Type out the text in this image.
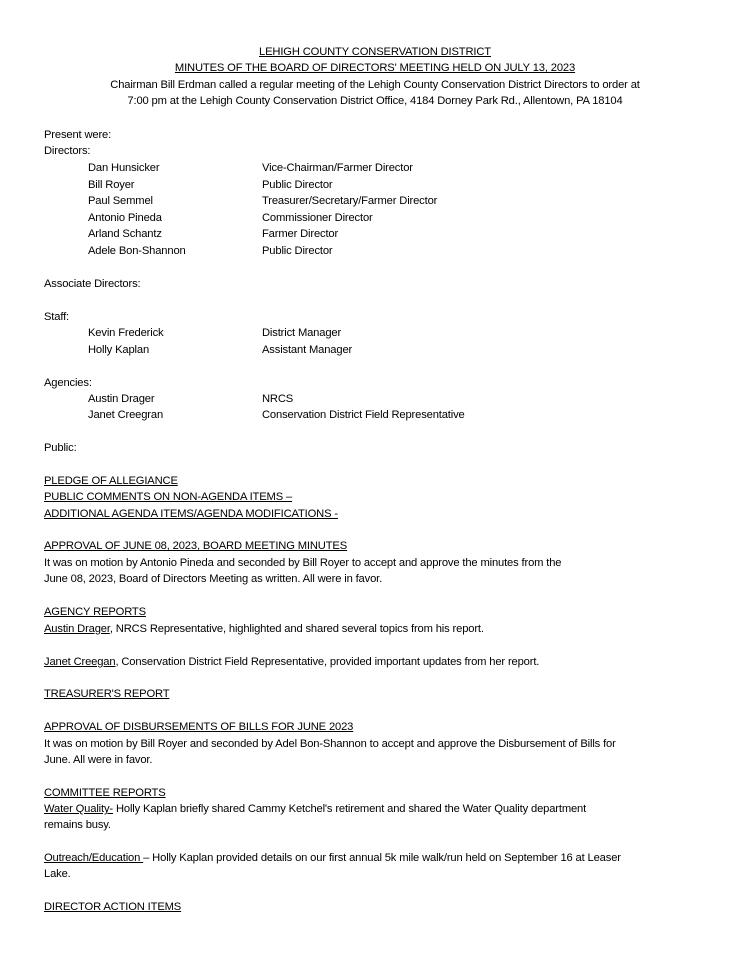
LEHIGH COUNTY CONSERVATION DISTRICT
MINUTES OF THE BOARD OF DIRECTORS' MEETING HELD ON JULY 13, 2023
Chairman Bill Erdman called a regular meeting of the Lehigh County Conservation District Directors to order at
7:00 pm at the Lehigh County Conservation District Office, 4184 Dorney Park Rd., Allentown, PA 18104
Present were:
Directors:
Dan Hunsicker	Vice-Chairman/Farmer Director
Bill Royer	Public Director
Paul Semmel	Treasurer/Secretary/Farmer Director
Antonio Pineda	Commissioner Director
Arland Schantz	Farmer Director
Adele Bon-Shannon	Public Director
Associate Directors:
Staff:
Kevin Frederick	District Manager
Holly Kaplan	Assistant Manager
Agencies:
Austin Drager	NRCS
Janet Creegran	Conservation District Field Representative
Public:
PLEDGE OF ALLEGIANCE
PUBLIC COMMENTS ON NON-AGENDA ITEMS –
ADDITIONAL AGENDA ITEMS/AGENDA MODIFICATIONS -
APPROVAL OF JUNE 08, 2023, BOARD MEETING MINUTES
It was on motion by Antonio Pineda and seconded by Bill Royer to accept and approve the minutes from the
June 08, 2023, Board of Directors Meeting as written. All were in favor.
AGENCY REPORTS
Austin Drager, NRCS Representative, highlighted and shared several topics from his report.
Janet Creegan, Conservation District Field Representative, provided important updates from her report.
TREASURER'S REPORT
APPROVAL OF DISBURSEMENTS OF BILLS FOR JUNE 2023
It was on motion by Bill Royer and seconded by Adel Bon-Shannon to accept and approve the Disbursement of Bills for
June. All were in favor.
COMMITTEE REPORTS
Water Quality- Holly Kaplan briefly shared Cammy Ketchel's retirement and shared the Water Quality department
remains busy.
Outreach/Education – Holly Kaplan provided details on our first annual 5k mile walk/run held on September 16 at Leaser
Lake.
DIRECTOR ACTION ITEMS
